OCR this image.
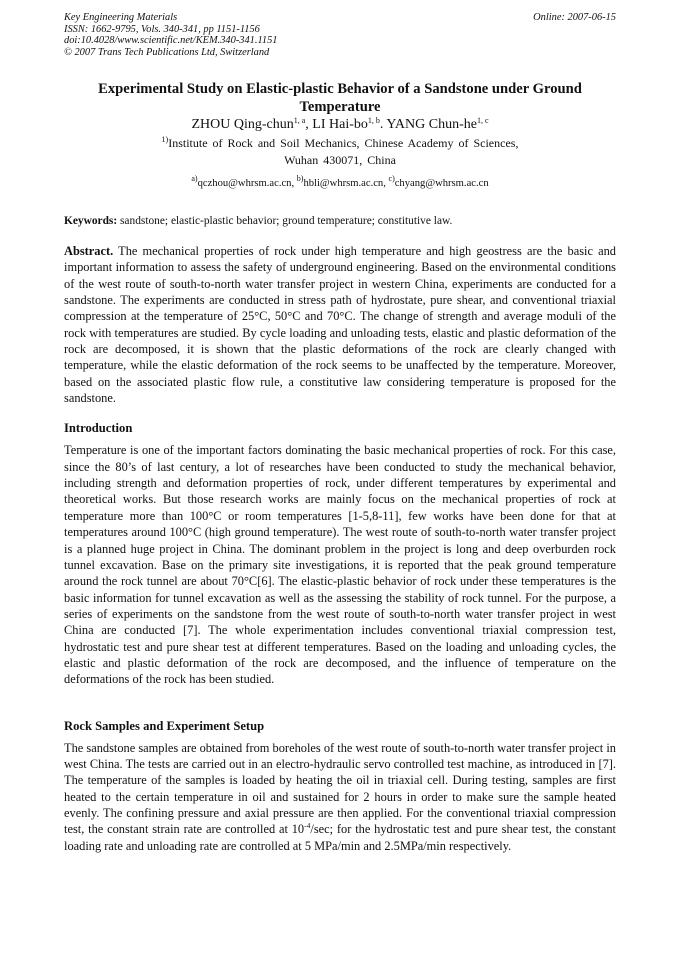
Key Engineering Materials	Online: 2007-06-15
ISSN: 1662-9795, Vols. 340-341, pp 1151-1156
doi:10.4028/www.scientific.net/KEM.340-341.1151
© 2007 Trans Tech Publications Ltd, Switzerland
Experimental Study on Elastic-plastic Behavior of a Sandstone under Ground Temperature
ZHOU Qing-chun$^{1, a}$, LI Hai-bo$^{1, b}$. YANG Chun-he$^{1, c}$
$^{1)}$Institute of Rock and Soil Mechanics, Chinese Academy of Sciences,
Wuhan 430071, China
$^{a)}$qczhou@whrsm.ac.cn, $^{b)}$hbli@whrsm.ac.cn, $^{c)}$chyang@whrsm.ac.cn
Keywords: sandstone; elastic-plastic behavior; ground temperature; constitutive law.
Abstract. The mechanical properties of rock under high temperature and high geostress are the basic and important information to assess the safety of underground engineering. Based on the environmental conditions of the west route of south-to-north water transfer project in western China, experiments are conducted for a sandstone. The experiments are conducted in stress path of hydrostate, pure shear, and conventional triaxial compression at the temperature of 25°C, 50°C and 70°C. The change of strength and average moduli of the rock with temperatures are studied. By cycle loading and unloading tests, elastic and plastic deformation of the rock are decomposed, it is shown that the plastic deformations of the rock are clearly changed with temperature, while the elastic deformation of the rock seems to be unaffected by the temperature. Moreover, based on the associated plastic flow rule, a constitutive law considering temperature is proposed for the sandstone.
Introduction
Temperature is one of the important factors dominating the basic mechanical properties of rock. For this case, since the 80’s of last century, a lot of researches have been conducted to study the mechanical behavior, including strength and deformation properties of rock, under different temperatures by experimental and theoretical works. But those research works are mainly focus on the mechanical properties of rock at temperature more than 100°C or room temperatures [1-5,8-11], few works have been done for that at temperatures around 100°C (high ground temperature). The west route of south-to-north water transfer project is a planned huge project in China. The dominant problem in the project is long and deep overburden rock tunnel excavation. Base on the primary site investigations, it is reported that the peak ground temperature around the rock tunnel are about 70°C[6]. The elastic-plastic behavior of rock under these temperatures is the basic information for tunnel excavation as well as the assessing the stability of rock tunnel. For the purpose, a series of experiments on the sandstone from the west route of south-to-north water transfer project in west China are conducted [7]. The whole experimentation includes conventional triaxial compression test, hydrostatic test and pure shear test at different temperatures. Based on the loading and unloading cycles, the elastic and plastic deformation of the rock are decomposed, and the influence of temperature on the deformations of the rock has been studied.
Rock Samples and Experiment Setup
The sandstone samples are obtained from boreholes of the west route of south-to-north water transfer project in west China. The tests are carried out in an electro-hydraulic servo controlled test machine, as introduced in [7]. The temperature of the samples is loaded by heating the oil in triaxial cell. During testing, samples are first heated to the certain temperature in oil and sustained for 2 hours in order to make sure the sample heated evenly. The confining pressure and axial pressure are then applied. For the conventional triaxial compression test, the constant strain rate are controlled at $10^{-4}/\sec$; for the hydrostatic test and pure shear test, the constant loading rate and unloading rate are controlled at 5 MPa/min and 2.5MPa/min respectively.
